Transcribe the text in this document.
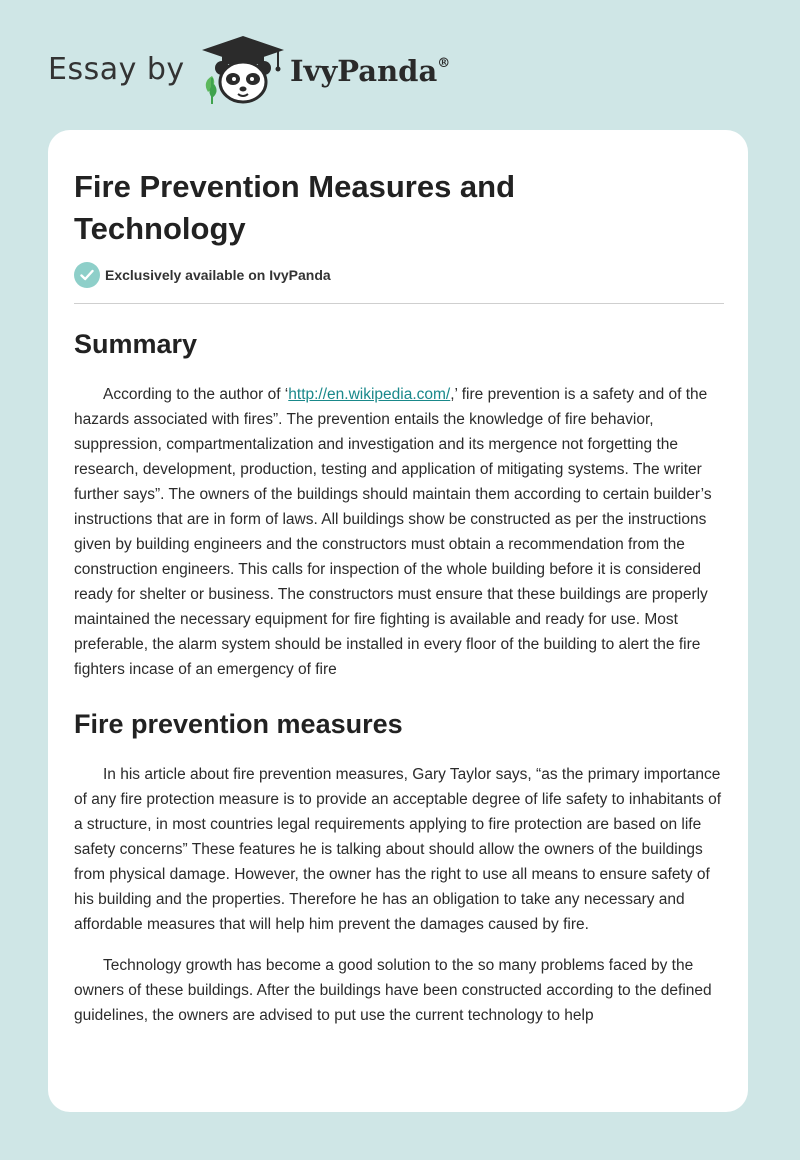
Essay by	IvyPanda®
Fire Prevention Measures and Technology
Exclusively available on IvyPanda
Summary

According to the author of ‘http://en.wikipedia.com/,’ fire prevention is a safety and of the hazards associated with fires”. The prevention entails the knowledge of fire behavior, suppression, compartmentalization and investigation and its mergence not forgetting the research, development, production, testing and application of mitigating systems. The writer further says”. The owners of the buildings should maintain them according to certain builder’s instructions that are in form of laws. All buildings show be constructed as per the instructions given by building engineers and the constructors must obtain a recommendation from the construction engineers. This calls for inspection of the whole building before it is considered ready for shelter or business. The constructors must ensure that these buildings are properly maintained the necessary equipment for fire fighting is available and ready for use. Most preferable, the alarm system should be installed in every floor of the building to alert the fire fighters incase of an emergency of fire

Fire prevention measures

In his article about fire prevention measures, Gary Taylor says, “as the primary importance of any fire protection measure is to provide an acceptable degree of life safety to inhabitants of a structure, in most countries legal requirements applying to fire protection are based on life safety concerns” These features he is talking about should allow the owners of the buildings from physical damage. However, the owner has the right to use all means to ensure safety of his building and the properties. Therefore he has an obligation to take any necessary and affordable measures that will help him prevent the damages caused by fire.

Technology growth has become a good solution to the so many problems faced by the owners of these buildings. After the buildings have been constructed according to the defined guidelines, the owners are advised to put use the current technology to help
